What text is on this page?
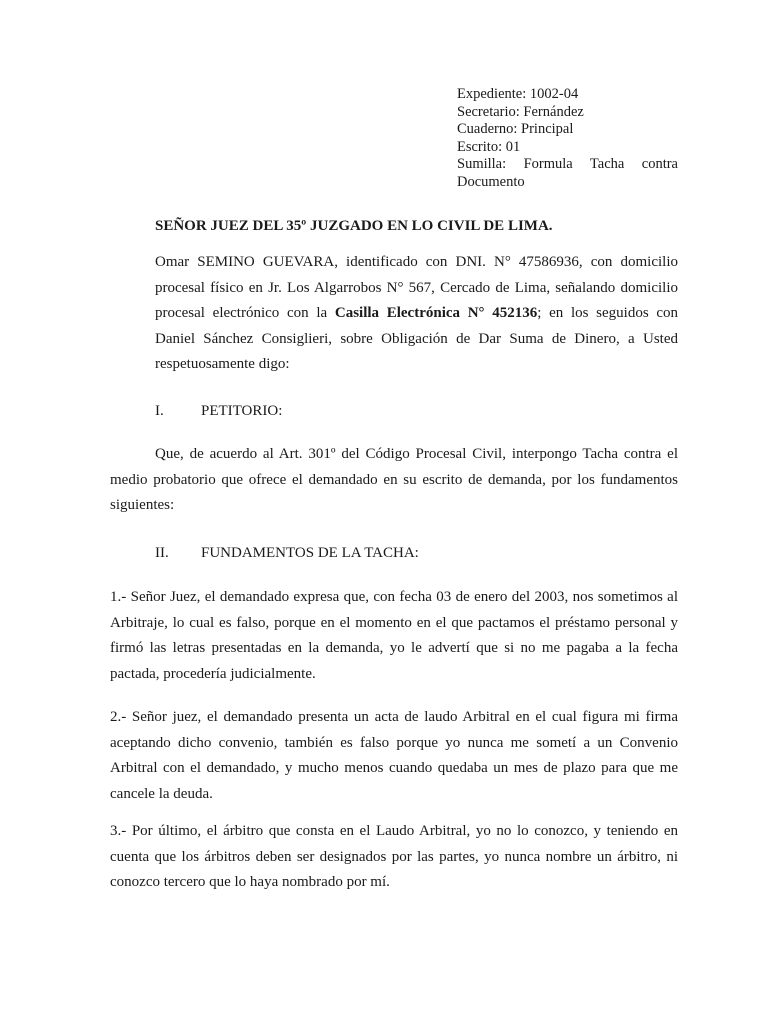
Expediente: 1002-04
Secretario: Fernández
Cuaderno: Principal
Escrito: 01
Sumilla: Formula Tacha contra
Documento
SEÑOR JUEZ DEL 35º JUZGADO EN LO CIVIL DE LIMA.
Omar SEMINO GUEVARA, identificado con DNI. N° 47586936, con domicilio procesal físico en Jr. Los Algarrobos N° 567, Cercado de Lima, señalando domicilio procesal electrónico con la Casilla Electrónica N° 452136; en los seguidos con Daniel Sánchez Consiglieri, sobre Obligación de Dar Suma de Dinero, a Usted respetuosamente digo:
I. PETITORIO:
Que, de acuerdo al Art. 301º del Código Procesal Civil, interpongo Tacha contra el medio probatorio que ofrece el demandado en su escrito de demanda, por los fundamentos siguientes:
II. FUNDAMENTOS DE LA TACHA:
1.- Señor Juez, el demandado expresa que, con fecha 03 de enero del 2003, nos sometimos al Arbitraje, lo cual es falso, porque en el momento en el que pactamos el préstamo personal y firmó las letras presentadas en la demanda, yo le advertí que si no me pagaba a la fecha pactada, procedería judicialmente.
2.- Señor juez, el demandado presenta un acta de laudo Arbitral en el cual figura mi firma aceptando dicho convenio, también es falso porque yo nunca me sometí a un Convenio Arbitral con el demandado, y mucho menos cuando quedaba un mes de plazo para que me cancele la deuda.
3.- Por último, el árbitro que consta en el Laudo Arbitral, yo no lo conozco, y teniendo en cuenta que los árbitros deben ser designados por las partes, yo nunca nombre un árbitro, ni conozco tercero que lo haya nombrado por mí.
